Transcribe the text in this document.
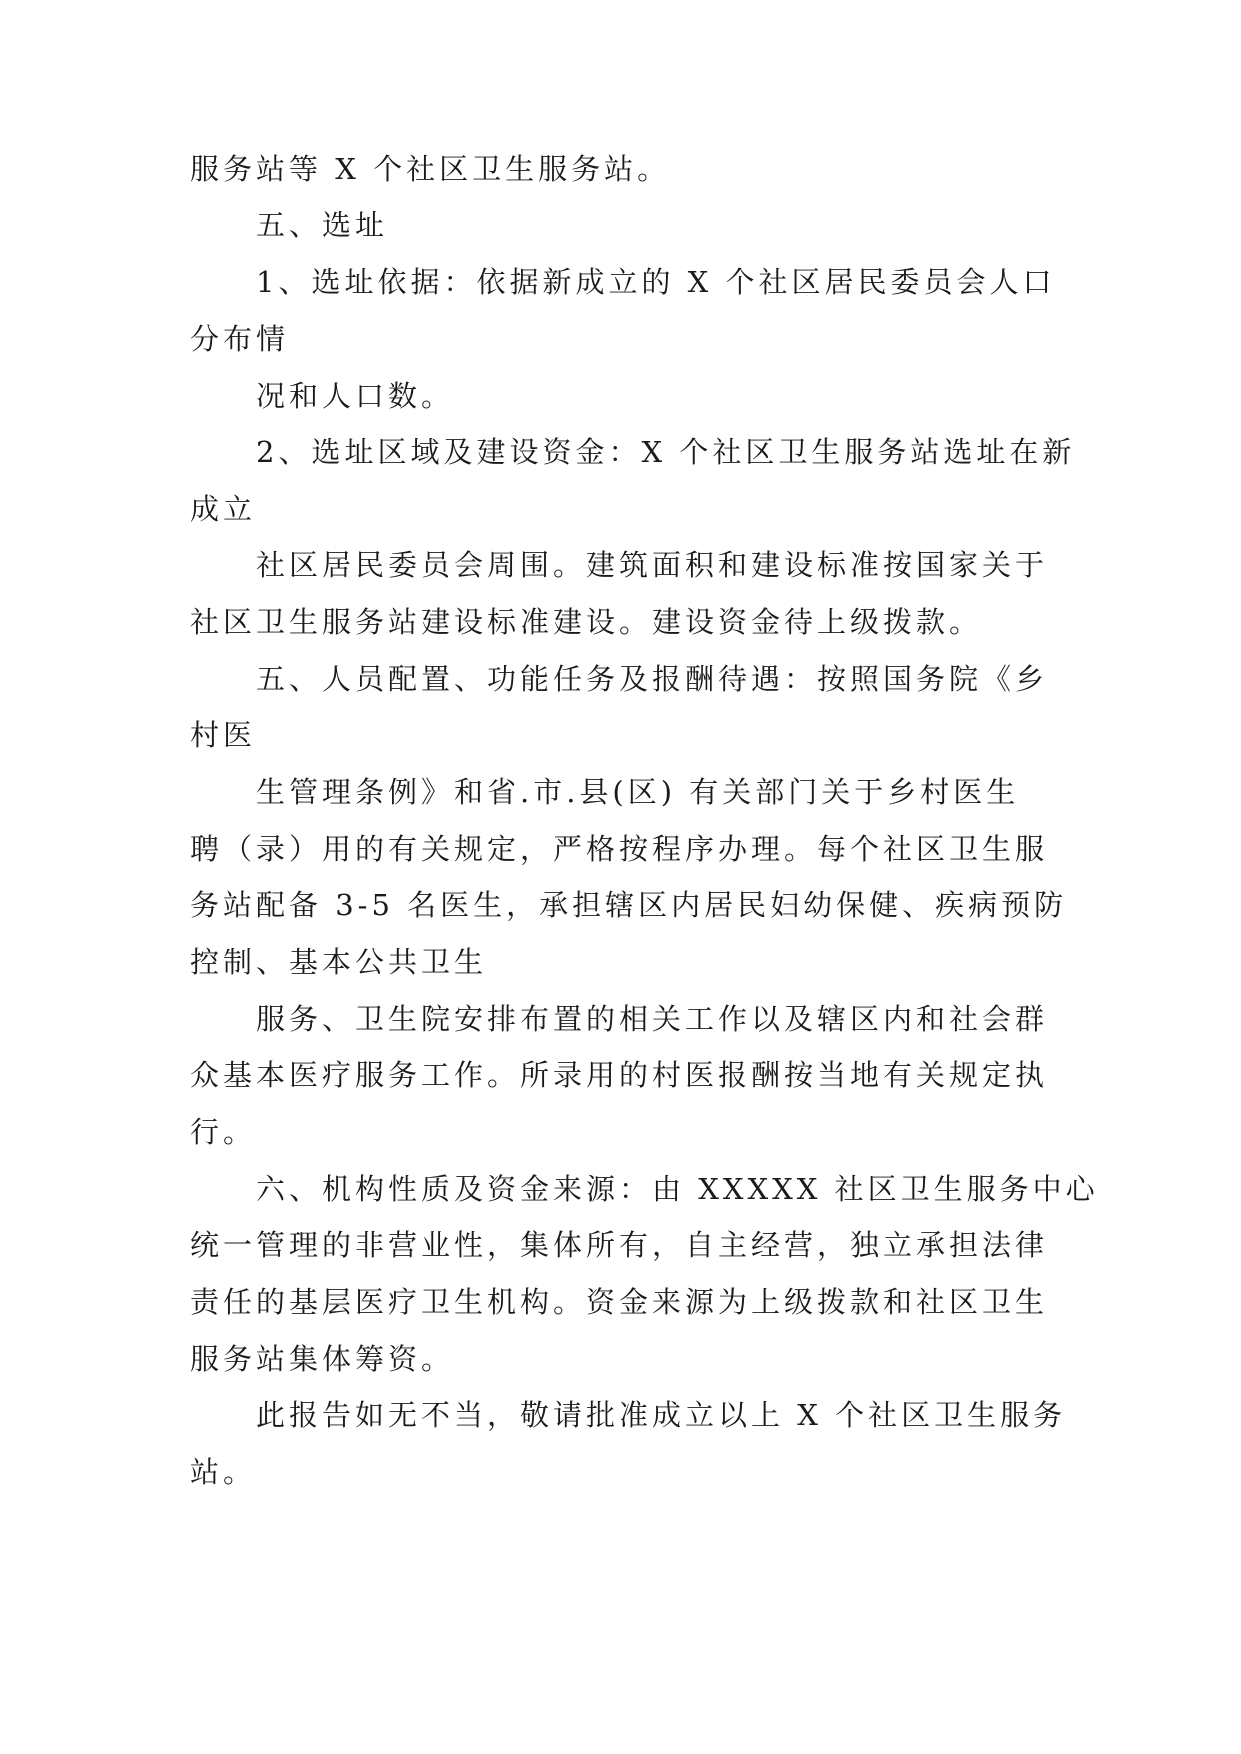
服务站等 X 个社区卫生服务站。

五、选址

1、选址依据：依据新成立的 X 个社区居民委员会人口

分布情

况和人口数。

2、选址区域及建设资金：X 个社区卫生服务站选址在新

成立

社区居民委员会周围。建筑面积和建设标准按国家关于

社区卫生服务站建设标准建设。建设资金待上级拨款。

五、人员配置、功能任务及报酬待遇：按照国务院《乡

村医

生管理条例》和省.市.县(区) 有关部门关于乡村医生

聘（录）用的有关规定，严格按程序办理。每个社区卫生服

务站配备 3-5 名医生，承担辖区内居民妇幼保健、疾病预防

控制、基本公共卫生

服务、卫生院安排布置的相关工作以及辖区内和社会群

众基本医疗服务工作。所录用的村医报酬按当地有关规定执

行。

六、机构性质及资金来源：由 XXXXX 社区卫生服务中心

统一管理的非营业性，集体所有，自主经营，独立承担法律

责任的基层医疗卫生机构。资金来源为上级拨款和社区卫生

服务站集体筹资。

此报告如无不当，敬请批准成立以上 X 个社区卫生服务

站。
